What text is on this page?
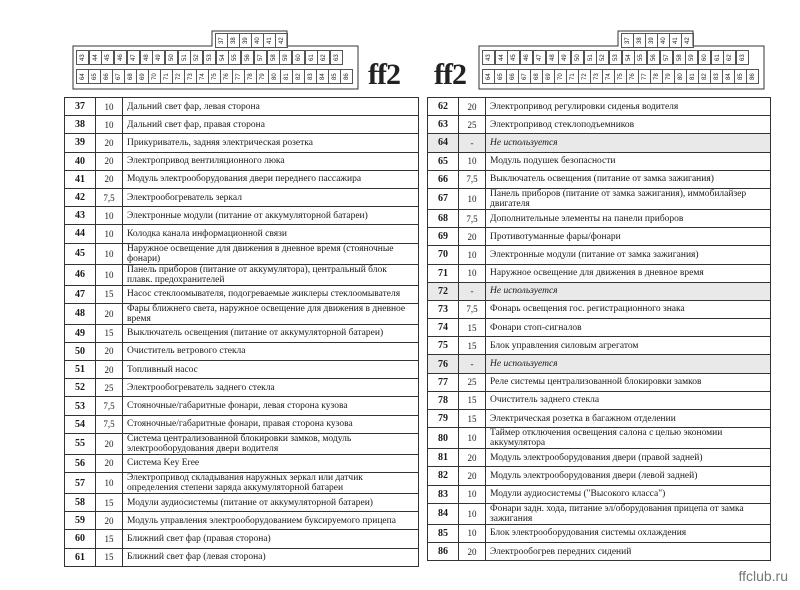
37	38	39	40	41	42
43	44	45	46	47	48	49	50	51	52	53	54	55	56	57	58	59	60	61	62	63
64	65	66	67	68	69	70	71	72	73	74	75	76	77	78	79	80	81	82	83	84	85	86
37	38	39	40	41	42
43	44	45	46	47	48	49	50	51	52	53	54	55	56	57	58	59	60	61	62	63
64	65	66	67	68	69	70	71	72	73	74	75	76	77	78	79	80	81	82	83	84	85	86
ff2 ff2
37	10	Дальний свет фар, левая сторона
38	10	Дальний свет фар, правая сторона
39	20	Прикуриватель, задняя электрическая розетка
40	20	Электропривод вентиляционного люка
41	20	Модуль электрооборудования двери переднего пассажира
42	7,5	Электрообогреватель зеркал
43	10	Электронные модули (питание от аккумуляторной батареи)
44	10	Колодка канала информационной связи
45	10	Наружное освещение для движения в дневное время (стояночные фонари)
46	10	Панель приборов (питание от аккумулятора), центральный блок плавк. предохранителей
47	15	Насос стеклоомывателя, подогреваемые жиклеры стеклоомывателя
48	20	Фары ближнего света, наружное освещение для движения в дневное время
49	15	Выключатель освещения (питание от аккумуляторной батареи)
50	20	Очиститель ветрового стекла
51	20	Топливный насос
52	25	Электрообогреватель заднего стекла
53	7,5	Стояночные/габаритные фонари, левая сторона кузова
54	7,5	Стояночные/габаритные фонари, правая сторона кузова
55	20	Система централизованной блокировки замков, модуль электрооборудования двери водителя
56	20	Система Key Eree
57	10	Электропривод складывания наружных зеркал или датчик определения степени заряда аккумуляторной батареи
58	15	Модули аудиосистемы (питание от аккумуляторной батареи)
59	20	Модуль управления электрооборудованием буксируемого прицепа
60	15	Ближний свет фар (правая сторона)
61	15	Ближний свет фар (левая сторона)
62	20	Электропривод регулировки сиденья водителя
63	25	Электропривод стеклоподъемников
64	-	Не используется
65	10	Модуль подушек безопасности
66	7,5	Выключатель освещения (питание от замка зажигания)
67	10	Панель приборов (питание от замка зажигания), иммобилайзер двигателя
68	7,5	Дополнительные элементы на панели приборов
69	20	Противотуманные фары/фонари
70	10	Электронные модули (питание от замка зажигания)
71	10	Наружное освещение для движения в дневное время
72	-	Не используется
73	7,5	Фонарь освещения гос. регистрационного знака
74	15	Фонари стоп-сигналов
75	15	Блок управления силовым агрегатом
76	-	Не используется
77	25	Реле системы централизованной блокировки замков
78	15	Очиститель заднего стекла
79	15	Электрическая розетка в багажном отделении
80	10	Таймер отключения освещения салона с целью экономии аккумулятора
81	20	Модуль электрооборудования двери (правой задней)
82	20	Модуль электрооборудования двери (левой задней)
83	10	Модули аудиосистемы ("Высокого класса")
84	10	Фонари задн. хода, питание эл/оборудования прицепа от замка зажигания
85	10	Блок электрооборудования системы охлаждения
86	20	Электрообогрев передних сидений
ffclub.ru
